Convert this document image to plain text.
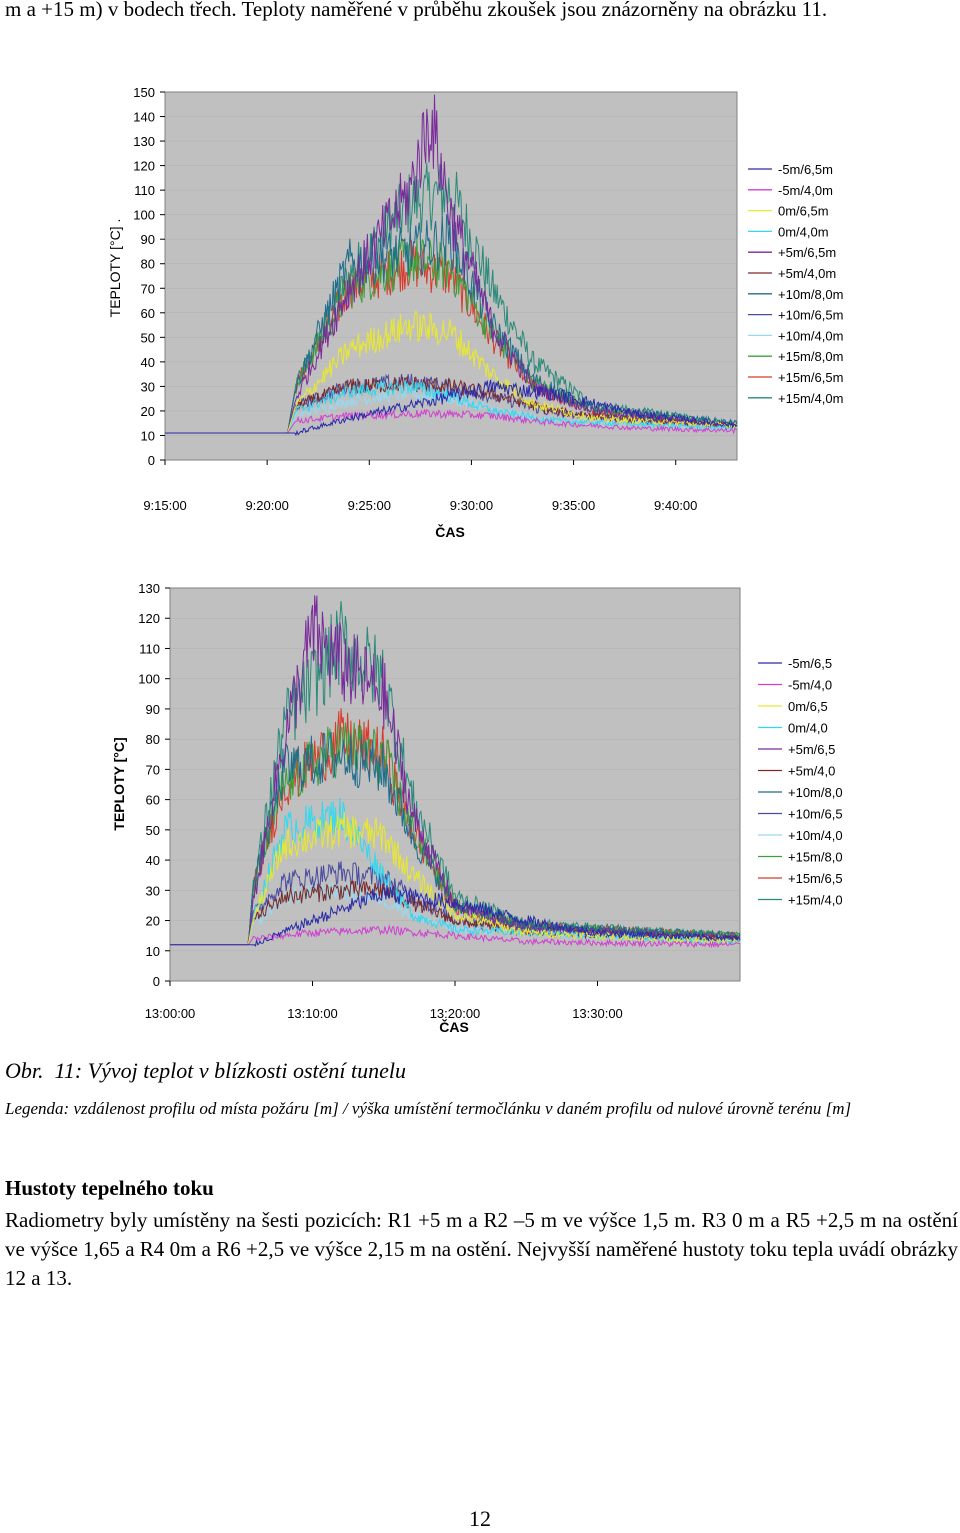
m a +15 m) v bodech třech. Teploty naměřené v průběhu zkoušek jsou znázorněny na obrázku 11.

0
10
20
30
40
50
60
70
80
90
100
110
120
130
140
150
9:15:00	9:20:00	9:25:00	9:30:00	9:35:00	9:40:00
TEPLOTY [°C] .
ČAS
-5m/6,5m
-5m/4,0m
0m/6,5m
0m/4,0m
+5m/6,5m
+5m/4,0m
+10m/8,0m
+10m/6,5m
+10m/4,0m
+15m/8,0m
+15m/6,5m
+15m/4,0m
0
10
20
30
40
50
60
70
80
90
100
110
120
130
13:00:00	13:10:00	13:20:00	13:30:00
TEPLOTY [°C]
ČAS
-5m/6,5
-5m/4,0
0m/6,5
0m/4,0
+5m/6,5
+5m/4,0
+10m/8,0
+10m/6,5
+10m/4,0
+15m/8,0
+15m/6,5
+15m/4,0

Obr. 11: Vývoj teplot v blízkosti ostění tunelu

Legenda: vzdálenost profilu od místa požáru [m] / výška umístění termočlánku v daném profilu od nulové úrovně terénu [m]

Hustoty tepelného toku

Radiometry byly umístěny na šesti pozicích: R1 +5 m a R2 –5 m ve výšce 1,5 m. R3 0 m a R5 +2,5 m na ostění ve výšce 1,65 a R4 0m a R6 +2,5 ve výšce 2,15 m na ostění. Nejvyšší naměřené hustoty toku tepla uvádí obrázky 12 a 13.

12
